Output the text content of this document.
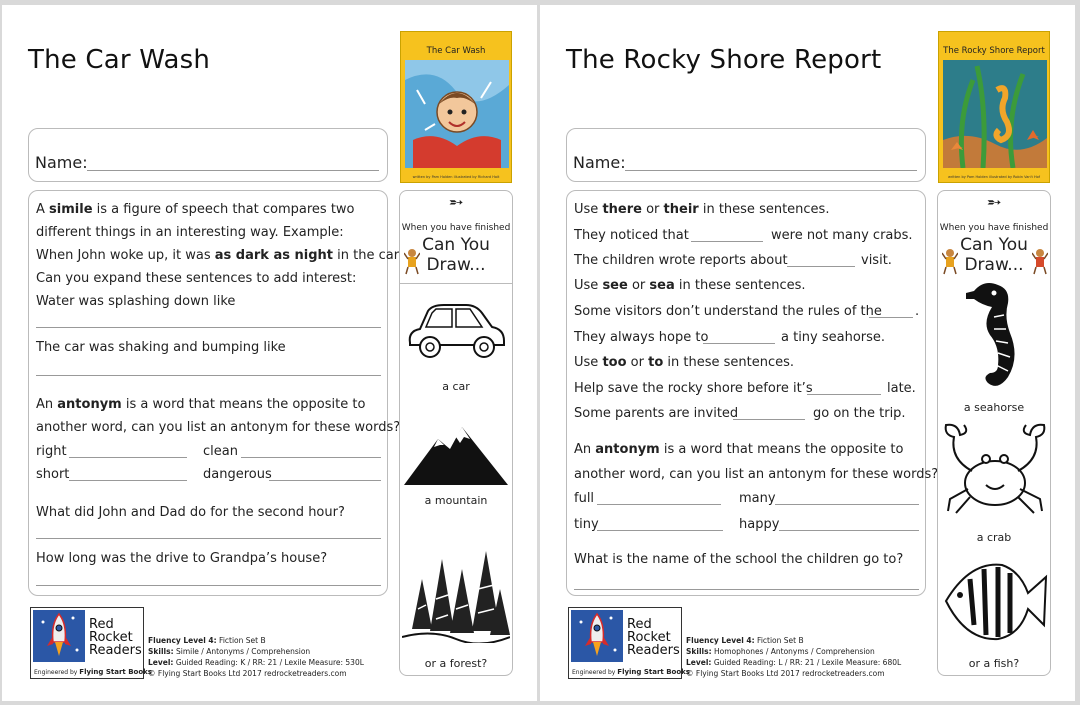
The Car Wash	The Car Wash
written by Pam Holden illustrated by Richard Hoit
Name:
A simile is a figure of speech that compares two
different things in an interesting way. Example:
When John woke up, it was as dark as night in the car
Can you expand these sentences to add interest:
Water was splashing down like
The car was shaking and bumping like
An antonym is a word that means the opposite to
another word, can you list an antonym for these words?
right	clean
short	dangerous
What did John and Dad do for the second hour?
How long was the drive to Grandpa’s house?
➵
When you have finished
Can You
Draw...
a car
a mountain
or a forest?
Red
Rocket
Readers
Engineered by Flying Start Books
Fluency Level 4: Fiction Set B
Skills: Simile / Antonyms / Comprehension
Level: Guided Reading: K / RR: 21 / Lexile Measure: 530L
© Flying Start Books Ltd 2017 redrocketreaders.com
The Rocky Shore Report	The Rocky Shore Report
written by Pam Holden illustrated by Robin Van't Hof
Name:
Use there or their in these sentences.
They noticed that	were not many crabs.
The children wrote reports about	visit.
Use see or sea in these sentences.
Some visitors don’t understand the rules of the	.
They always hope to	a tiny seahorse.
Use too or to in these sentences.
Help save the rocky shore before it’s	late.
Some parents are invited	go on the trip.
An antonym is a word that means the opposite to
another word, can you list an antonym for these words?
full	many
tiny	happy
What is the name of the school the children go to?
➵
When you have finished
Can You
Draw...
a seahorse
a crab
or a fish?
Red
Rocket
Readers
Engineered by Flying Start Books
Fluency Level 4: Fiction Set B
Skills: Homophones / Antonyms / Comprehension
Level: Guided Reading: L / RR: 21 / Lexile Measure: 680L
© Flying Start Books Ltd 2017 redrocketreaders.com
